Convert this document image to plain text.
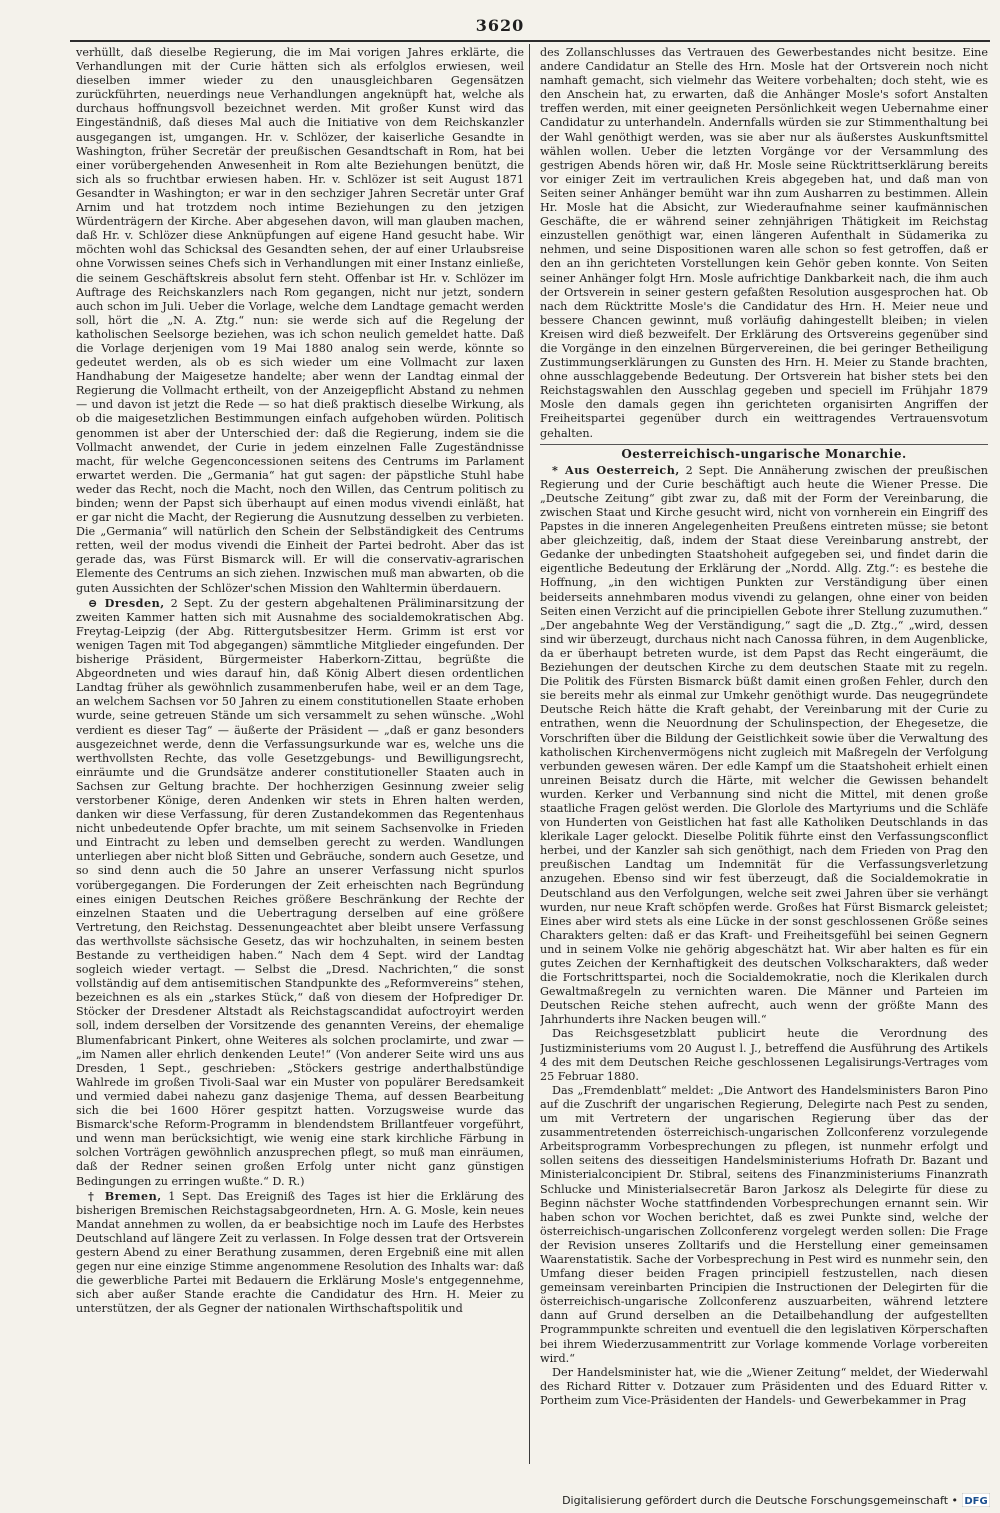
3620

verhüllt, daß dieselbe Regierung, die im Mai vorigen Jahres erklärte, die Verhandlungen mit der Curie hätten sich als erfolglos erwiesen, weil dieselben immer wieder zu den unausgleichbaren Gegensätzen zurückführten, neuerdings neue Verhandlungen angeknüpft hat, welche als durchaus hoffnungsvoll bezeichnet werden. Mit großer Kunst wird das Eingeständniß, daß dieses Mal auch die Initiative von dem Reichskanzler ausgegangen ist, umgangen. Hr. v. Schlözer, der kaiserliche Gesandte in Washington, früher Secretär der preußischen Gesandtschaft in Rom, hat bei einer vorübergehenden Anwesenheit in Rom alte Beziehungen benützt, die sich als so fruchtbar erwiesen haben. Hr. v. Schlözer ist seit August 1871 Gesandter in Washington; er war in den sechziger Jahren Secretär unter Graf Arnim und hat trotzdem noch intime Beziehungen zu den jetzigen Würdenträgern der Kirche. Aber abgesehen davon, will man glauben machen, daß Hr. v. Schlözer diese Anknüpfungen auf eigene Hand gesucht habe. Wir möchten wohl das Schicksal des Gesandten sehen, der auf einer Urlaubsreise ohne Vorwissen seines Chefs sich in Verhandlungen mit einer Instanz einließe, die seinem Geschäftskreis absolut fern steht. Offenbar ist Hr. v. Schlözer im Auftrage des Reichskanzlers nach Rom gegangen, nicht nur jetzt, sondern auch schon im Juli. Ueber die Vorlage, welche dem Landtage gemacht werden soll, hört die „N. A. Ztg.“ nun: sie werde sich auf die Regelung der katholischen Seelsorge beziehen, was ich schon neulich gemeldet hatte. Daß die Vorlage derjenigen vom 19 Mai 1880 analog sein werde, könnte so gedeutet werden, als ob es sich wieder um eine Vollmacht zur laxen Handhabung der Maigesetze handelte; aber wenn der Landtag einmal der Regierung die Vollmacht ertheilt, von der Anzeigepflicht Abstand zu nehmen — und davon ist jetzt die Rede — so hat dieß praktisch dieselbe Wirkung, als ob die maigesetzlichen Bestimmungen einfach aufgehoben würden. Politisch genommen ist aber der Unterschied der: daß die Regierung, indem sie die Vollmacht anwendet, der Curie in jedem einzelnen Falle Zugeständnisse macht, für welche Gegenconcessionen seitens des Centrums im Parlament erwartet werden. Die „Germania“ hat gut sagen: der päpstliche Stuhl habe weder das Recht, noch die Macht, noch den Willen, das Centrum politisch zu binden; wenn der Papst sich überhaupt auf einen modus vivendi einläßt, hat er gar nicht die Macht, der Regierung die Ausnutzung desselben zu verbieten. Die „Germania“ will natürlich den Schein der Selbständigkeit des Centrums retten, weil der modus vivendi die Einheit der Partei bedroht. Aber das ist gerade das, was Fürst Bismarck will. Er will die conservativ-agrarischen Elemente des Centrums an sich ziehen. Inzwischen muß man abwarten, ob die guten Aussichten der Schlözer'schen Mission den Wahltermin überdauern.

⊖ Dresden, 2 Sept. Zu der gestern abgehaltenen Präliminarsitzung der zweiten Kammer hatten sich mit Ausnahme des socialdemokratischen Abg. Freytag-Leipzig (der Abg. Rittergutsbesitzer Herm. Grimm ist erst vor wenigen Tagen mit Tod abgegangen) sämmtliche Mitglieder eingefunden. Der bisherige Präsident, Bürgermeister Haberkorn-Zittau, begrüßte die Abgeordneten und wies darauf hin, daß König Albert diesen ordentlichen Landtag früher als gewöhnlich zusammenberufen habe, weil er an dem Tage, an welchem Sachsen vor 50 Jahren zu einem constitutionellen Staate erhoben wurde, seine getreuen Stände um sich versammelt zu sehen wünsche. „Wohl verdient es dieser Tag“ — äußerte der Präsident — „daß er ganz besonders ausgezeichnet werde, denn die Verfassungsurkunde war es, welche uns die werthvollsten Rechte, das volle Gesetzgebungs- und Bewilligungsrecht, einräumte und die Grundsätze anderer constitutioneller Staaten auch in Sachsen zur Geltung brachte. Der hochherzigen Gesinnung zweier selig verstorbener Könige, deren Andenken wir stets in Ehren halten werden, danken wir diese Verfassung, für deren Zustandekommen das Regentenhaus nicht unbedeutende Opfer brachte, um mit seinem Sachsenvolke in Frieden und Eintracht zu leben und demselben gerecht zu werden. Wandlungen unterliegen aber nicht bloß Sitten und Gebräuche, sondern auch Gesetze, und so sind denn auch die 50 Jahre an unserer Verfassung nicht spurlos vorübergegangen. Die Forderungen der Zeit erheischten nach Begründung eines einigen Deutschen Reiches größere Beschränkung der Rechte der einzelnen Staaten und die Uebertragung derselben auf eine größere Vertretung, den Reichstag. Dessenungeachtet aber bleibt unsere Verfassung das werthvollste sächsische Gesetz, das wir hochzuhalten, in seinem besten Bestande zu vertheidigen haben.“ Nach dem 4 Sept. wird der Landtag sogleich wieder vertagt. — Selbst die „Dresd. Nachrichten,“ die sonst vollständig auf dem antisemitischen Standpunkte des „Reformvereins“ stehen, bezeichnen es als ein „starkes Stück,“ daß von diesem der Hofprediger Dr. Stöcker der Dresdener Altstadt als Reichstagscandidat aufoctroyirt werden soll, indem derselben der Vorsitzende des genannten Vereins, der ehemalige Blumenfabricant Pinkert, ohne Weiteres als solchen proclamirte, und zwar — „im Namen aller ehrlich denkenden Leute!“ (Von anderer Seite wird uns aus Dresden, 1 Sept., geschrieben: „Stöckers gestrige anderthalbstündige Wahlrede im großen Tivoli-Saal war ein Muster von populärer Beredsamkeit und vermied dabei nahezu ganz dasjenige Thema, auf dessen Bearbeitung sich die bei 1600 Hörer gespitzt hatten. Vorzugsweise wurde das Bismarck'sche Reform-Programm in blendendstem Brillantfeuer vorgeführt, und wenn man berücksichtigt, wie wenig eine stark kirchliche Färbung in solchen Vorträgen gewöhnlich anzusprechen pflegt, so muß man einräumen, daß der Redner seinen großen Erfolg unter nicht ganz günstigen Bedingungen zu erringen wußte.“ D. R.)

† Bremen, 1 Sept. Das Ereigniß des Tages ist hier die Erklärung des bisherigen Bremischen Reichstagsabgeordneten, Hrn. A. G. Mosle, kein neues Mandat annehmen zu wollen, da er beabsichtige noch im Laufe des Herbstes Deutschland auf längere Zeit zu verlassen. In Folge dessen trat der Ortsverein gestern Abend zu einer Berathung zusammen, deren Ergebniß eine mit allen gegen nur eine einzige Stimme angenommene Resolution des Inhalts war: daß die gewerbliche Partei mit Bedauern die Erklärung Mosle's entgegennehme, sich aber außer Stande erachte die Candidatur des Hrn. H. Meier zu unterstützen, der als Gegner der nationalen Wirthschaftspolitik und

des Zollanschlusses das Vertrauen des Gewerbestandes nicht besitze. Eine andere Candidatur an Stelle des Hrn. Mosle hat der Ortsverein noch nicht namhaft gemacht, sich vielmehr das Weitere vorbehalten; doch steht, wie es den Anschein hat, zu erwarten, daß die Anhänger Mosle's sofort Anstalten treffen werden, mit einer geeigneten Persönlichkeit wegen Uebernahme einer Candidatur zu unterhandeln. Andernfalls würden sie zur Stimmenthaltung bei der Wahl genöthigt werden, was sie aber nur als äußerstes Auskunftsmittel wählen wollen. Ueber die letzten Vorgänge vor der Versammlung des gestrigen Abends hören wir, daß Hr. Mosle seine Rücktrittserklärung bereits vor einiger Zeit im vertraulichen Kreis abgegeben hat, und daß man von Seiten seiner Anhänger bemüht war ihn zum Ausharren zu bestimmen. Allein Hr. Mosle hat die Absicht, zur Wiederaufnahme seiner kaufmännischen Geschäfte, die er während seiner zehnjährigen Thätigkeit im Reichstag einzustellen genöthigt war, einen längeren Aufenthalt in Südamerika zu nehmen, und seine Dispositionen waren alle schon so fest getroffen, daß er den an ihn gerichteten Vorstellungen kein Gehör geben konnte. Von Seiten seiner Anhänger folgt Hrn. Mosle aufrichtige Dankbarkeit nach, die ihm auch der Ortsverein in seiner gestern gefaßten Resolution ausgesprochen hat. Ob nach dem Rücktritte Mosle's die Candidatur des Hrn. H. Meier neue und bessere Chancen gewinnt, muß vorläufig dahingestellt bleiben; in vielen Kreisen wird dieß bezweifelt. Der Erklärung des Ortsvereins gegenüber sind die Vorgänge in den einzelnen Bürgervereinen, die bei geringer Betheiligung Zustimmungserklärungen zu Gunsten des Hrn. H. Meier zu Stande brachten, ohne ausschlaggebende Bedeutung. Der Ortsverein hat bisher stets bei den Reichstagswahlen den Ausschlag gegeben und speciell im Frühjahr 1879 Mosle den damals gegen ihn gerichteten organisirten Angriffen der Freiheitspartei gegenüber durch ein weittragendes Vertrauensvotum gehalten.

Oesterreichisch-ungarische Monarchie.

* Aus Oesterreich, 2 Sept. Die Annäherung zwischen der preußischen Regierung und der Curie beschäftigt auch heute die Wiener Presse. Die „Deutsche Zeitung“ gibt zwar zu, daß mit der Form der Vereinbarung, die zwischen Staat und Kirche gesucht wird, nicht von vornherein ein Eingriff des Papstes in die inneren Angelegenheiten Preußens eintreten müsse; sie betont aber gleichzeitig, daß, indem der Staat diese Vereinbarung anstrebt, der Gedanke der unbedingten Staatshoheit aufgegeben sei, und findet darin die eigentliche Bedeutung der Erklärung der „Nordd. Allg. Ztg.“: es bestehe die Hoffnung, „in den wichtigen Punkten zur Verständigung über einen beiderseits annehmbaren modus vivendi zu gelangen, ohne einer von beiden Seiten einen Verzicht auf die principiellen Gebote ihrer Stellung zuzumuthen.“ „Der angebahnte Weg der Verständigung,“ sagt die „D. Ztg.,“ „wird, dessen sind wir überzeugt, durchaus nicht nach Canossa führen, in dem Augenblicke, da er überhaupt betreten wurde, ist dem Papst das Recht eingeräumt, die Beziehungen der deutschen Kirche zu dem deutschen Staate mit zu regeln. Die Politik des Fürsten Bismarck büßt damit einen großen Fehler, durch den sie bereits mehr als einmal zur Umkehr genöthigt wurde. Das neugegründete Deutsche Reich hätte die Kraft gehabt, der Vereinbarung mit der Curie zu entrathen, wenn die Neuordnung der Schulinspection, der Ehegesetze, die Vorschriften über die Bildung der Geistlichkeit sowie über die Verwaltung des katholischen Kirchenvermögens nicht zugleich mit Maßregeln der Verfolgung verbunden gewesen wären. Der edle Kampf um die Staatshoheit erhielt einen unreinen Beisatz durch die Härte, mit welcher die Gewissen behandelt wurden. Kerker und Verbannung sind nicht die Mittel, mit denen große staatliche Fragen gelöst werden. Die Glorlole des Martyriums und die Schläfe von Hunderten von Geistlichen hat fast alle Katholiken Deutschlands in das klerikale Lager gelockt. Dieselbe Politik führte einst den Verfassungsconflict herbei, und der Kanzler sah sich genöthigt, nach dem Frieden von Prag den preußischen Landtag um Indemnität für die Verfassungsverletzung anzugehen. Ebenso sind wir fest überzeugt, daß die Socialdemokratie in Deutschland aus den Verfolgungen, welche seit zwei Jahren über sie verhängt wurden, nur neue Kraft schöpfen werde. Großes hat Fürst Bismarck geleistet; Eines aber wird stets als eine Lücke in der sonst geschlossenen Größe seines Charakters gelten: daß er das Kraft- und Freiheitsgefühl bei seinen Gegnern und in seinem Volke nie gehörig abgeschätzt hat. Wir aber halten es für ein gutes Zeichen der Kernhaftigkeit des deutschen Volkscharakters, daß weder die Fortschrittspartei, noch die Socialdemokratie, noch die Klerikalen durch Gewaltmaßregeln zu vernichten waren. Die Männer und Parteien im Deutschen Reiche stehen aufrecht, auch wenn der größte Mann des Jahrhunderts ihre Nacken beugen will.“

Das Reichsgesetzblatt publicirt heute die Verordnung des Justizministeriums vom 20 August l. J., betreffend die Ausführung des Artikels 4 des mit dem Deutschen Reiche geschlossenen Legalisirungs-Vertrages vom 25 Februar 1880.

Das „Fremdenblatt“ meldet: „Die Antwort des Handelsministers Baron Pino auf die Zuschrift der ungarischen Regierung, Delegirte nach Pest zu senden, um mit Vertretern der ungarischen Regierung über das der zusammentretenden österreichisch-ungarischen Zollconferenz vorzulegende Arbeitsprogramm Vorbesprechungen zu pflegen, ist nunmehr erfolgt und sollen seitens des diesseitigen Handelsministeriums Hofrath Dr. Bazant und Ministerialconcipient Dr. Stibral, seitens des Finanzministeriums Finanzrath Schlucke und Ministerialsecretär Baron Jarkosz als Delegirte für diese zu Beginn nächster Woche stattfindenden Vorbesprechungen ernannt sein. Wir haben schon vor Wochen berichtet, daß es zwei Punkte sind, welche der österreichisch-ungarischen Zollconferenz vorgelegt werden sollen: Die Frage der Revision unseres Zolltarifs und die Herstellung einer gemeinsamen Waarenstatistik. Sache der Vorbesprechung in Pest wird es nunmehr sein, den Umfang dieser beiden Fragen principiell festzustellen, nach diesen gemeinsam vereinbarten Principien die Instructionen der Delegirten für die österreichisch-ungarische Zollconferenz auszuarbeiten, während letztere dann auf Grund derselben an die Detailbehandlung der aufgestellten Programmpunkte schreiten und eventuell die den legislativen Körperschaften bei ihrem Wiederzusammentritt zur Vorlage kommende Vorlage vorbereiten wird.“

Der Handelsminister hat, wie die „Wiener Zeitung“ meldet, der Wiederwahl des Richard Ritter v. Dotzauer zum Präsidenten und des Eduard Ritter v. Portheim zum Vice-Präsidenten der Handels- und Gewerbekammer in Prag

Digitalisierung gefördert durch die Deutsche Forschungsgemeinschaft • DFG
